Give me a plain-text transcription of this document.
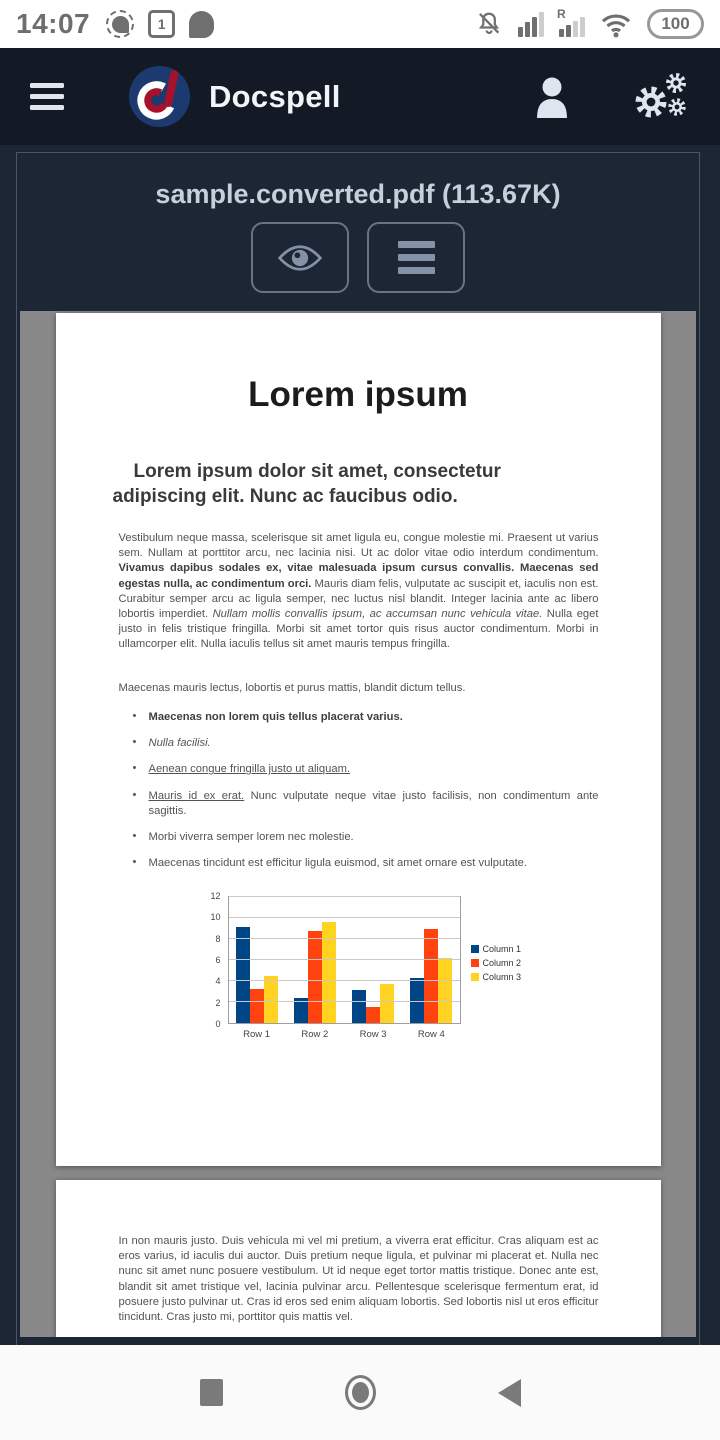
14:07	1
R	100
Docspell
sample.converted.pdf (113.67K)
Lorem ipsum
Lorem ipsum dolor sit amet, consectetur adipiscing elit. Nunc ac faucibus odio.
Vestibulum neque massa, scelerisque sit amet ligula eu, congue molestie mi. Praesent ut varius sem. Nullam at porttitor arcu, nec lacinia nisi. Ut ac dolor vitae odio interdum condimentum. Vivamus dapibus sodales ex, vitae malesuada ipsum cursus convallis. Maecenas sed egestas nulla, ac condimentum orci. Mauris diam felis, vulputate ac suscipit et, iaculis non est. Curabitur semper arcu ac ligula semper, nec luctus nisl blandit. Integer lacinia ante ac libero lobortis imperdiet. Nullam mollis convallis ipsum, ac accumsan nunc vehicula vitae. Nulla eget justo in felis tristique fringilla. Morbi sit amet tortor quis risus auctor condimentum. Morbi in ullamcorper elit. Nulla iaculis tellus sit amet mauris tempus fringilla.
Maecenas mauris lectus, lobortis et purus mattis, blandit dictum tellus.
• Maecenas non lorem quis tellus placerat varius.
• Nulla facilisi.
• Aenean congue fringilla justo ut aliquam.
• Mauris id ex erat. Nunc vulputate neque vitae justo facilisis, non condimentum ante sagittis.
• Morbi viverra semper lorem nec molestie.
• Maecenas tincidunt est efficitur ligula euismod, sit amet ornare est vulputate.
0
2
4
6
8
10
12
Row 1	Row 2	Row 3	Row 4
Column 1
Column 2
Column 3
In non mauris justo. Duis vehicula mi vel mi pretium, a viverra erat efficitur. Cras aliquam est ac eros varius, id iaculis dui auctor. Duis pretium neque ligula, et pulvinar mi placerat et. Nulla nec nunc sit amet nunc posuere vestibulum. Ut id neque eget tortor mattis tristique. Donec ante est, blandit sit amet tristique vel, lacinia pulvinar arcu. Pellentesque scelerisque fermentum erat, id posuere justo pulvinar ut. Cras id eros sed enim aliquam lobortis. Sed lobortis nisl ut eros efficitur tincidunt. Cras justo mi, porttitor quis mattis vel.
